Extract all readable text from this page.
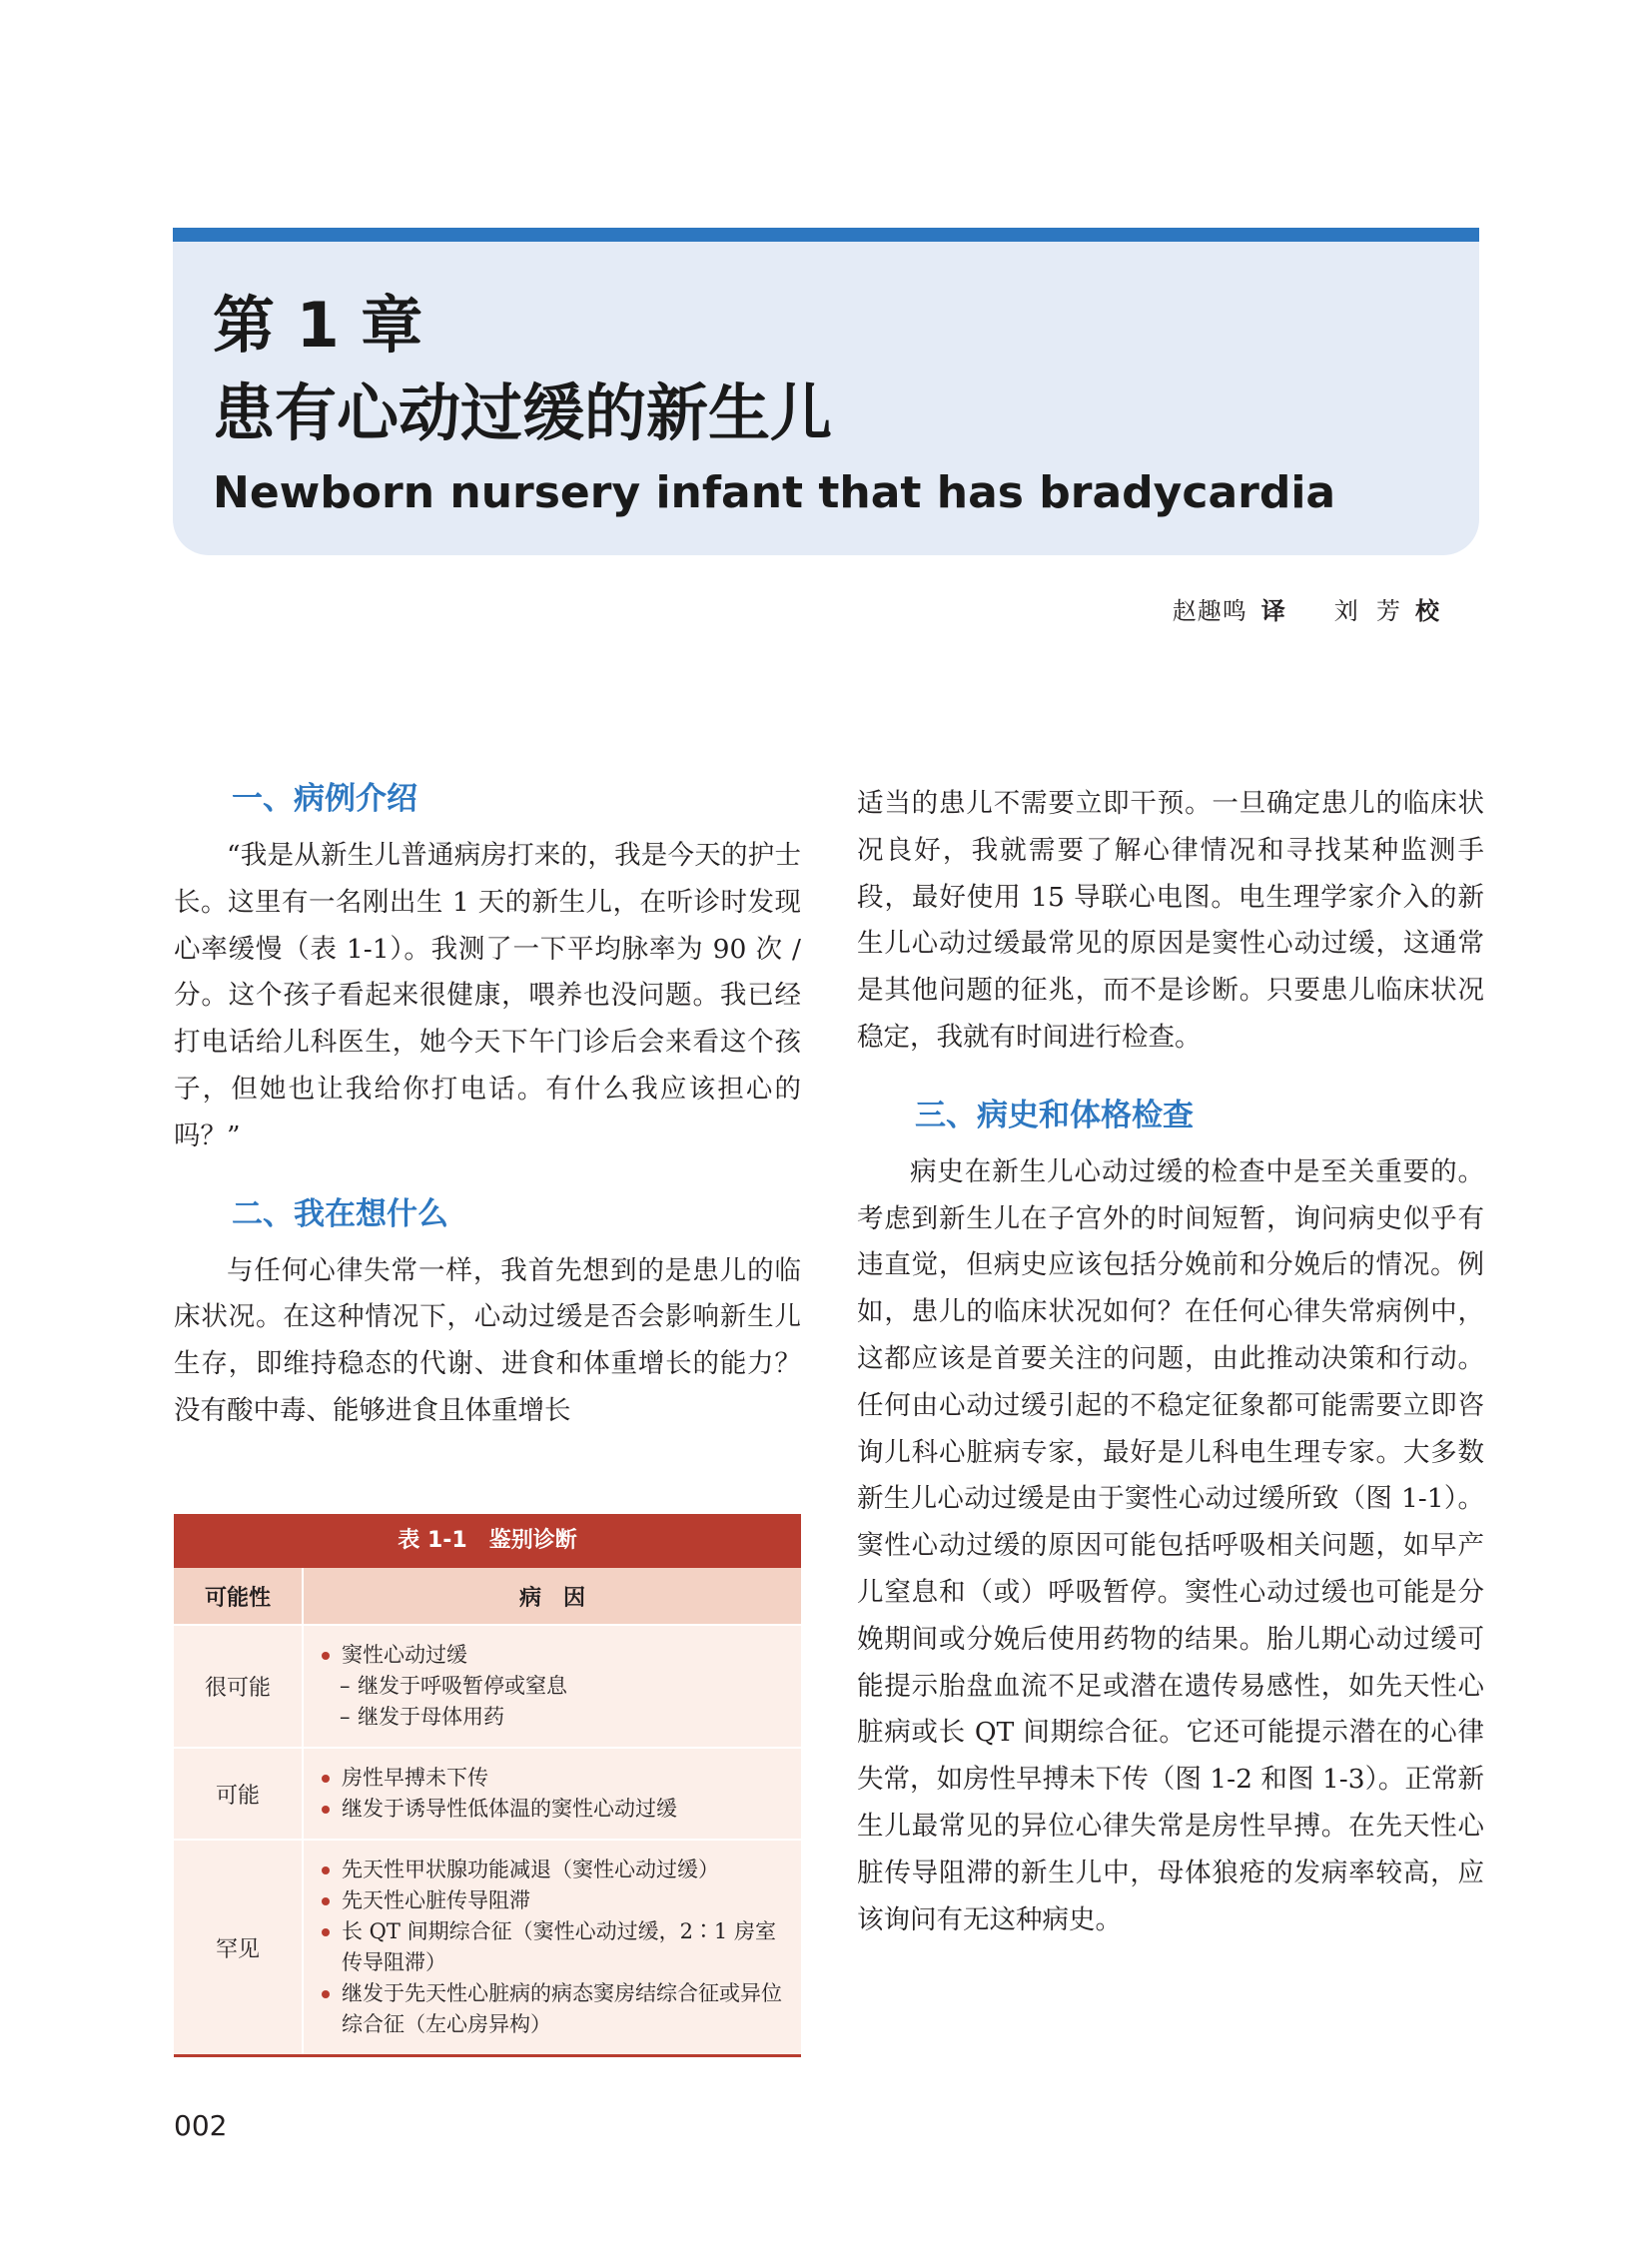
第 1 章
患有心动过缓的新生儿
Newborn nursery infant that has bradycardia
赵趣鸣 译 刘  芳 校
一、病例介绍

“我是从新生儿普通病房打来的，我是今天的护士长。这里有一名刚出生 1 天的新生儿，在听诊时发现心率缓慢（表 1-1）。我测了一下平均脉率为 90 次 / 分。这个孩子看起来很健康，喂养也没问题。我已经打电话给儿科医生，她今天下午门诊后会来看这个孩子，但她也让我给你打电话。有什么我应该担心的吗？”

二、我在想什么

与任何心律失常一样，我首先想到的是患儿的临床状况。在这种情况下，心动过缓是否会影响新生儿生存，即维持稳态的代谢、进食和体重增长的能力？没有酸中毒、能够进食且体重增长

适当的患儿不需要立即干预。一旦确定患儿的临床状况良好，我就需要了解心律情况和寻找某种监测手段，最好使用 15 导联心电图。电生理学家介入的新生儿心动过缓最常见的原因是窦性心动过缓，这通常是其他问题的征兆，而不是诊断。只要患儿临床状况稳定，我就有时间进行检查。

三、病史和体格检查

病史在新生儿心动过缓的检查中是至关重要的。考虑到新生儿在子宫外的时间短暂，询问病史似乎有违直觉，但病史应该包括分娩前和分娩后的情况。例如，患儿的临床状况如何？在任何心律失常病例中，这都应该是首要关注的问题，由此推动决策和行动。任何由心动过缓引起的不稳定征象都可能需要立即咨询儿科心脏病专家，最好是儿科电生理专家。大多数新生儿心动过缓是由于窦性心动过缓所致（图 1-1）。窦性心动过缓的原因可能包括呼吸相关问题，如早产儿窒息和（或）呼吸暂停。窦性心动过缓也可能是分娩期间或分娩后使用药物的结果。胎儿期心动过缓可能提示胎盘血流不足或潜在遗传易感性，如先天性心脏病或长 QT 间期综合征。它还可能提示潜在的心律失常，如房性早搏未下传（图 1-2 和图 1-3）。正常新生儿最常见的异位心律失常是房性早搏。在先天性心脏传导阻滞的新生儿中，母体狼疮的发病率较高，应该询问有无这种病史。

表 1-1　鉴别诊断
可能性	病　因
很可能	窦性心动过缓
– 继发于呼吸暂停或窒息
– 继发于母体用药

可能	房性早搏未下传
继发于诱导性低体温的窦性心动过缓

罕见	先天性甲状腺功能减退（窦性心动过缓）
先天性心脏传导阻滞
长 QT 间期综合征（窦性心动过缓，2∶1 房室传导阻滞）
继发于先天性心脏病的病态窦房结综合征或异位综合征（左心房异构）
002
